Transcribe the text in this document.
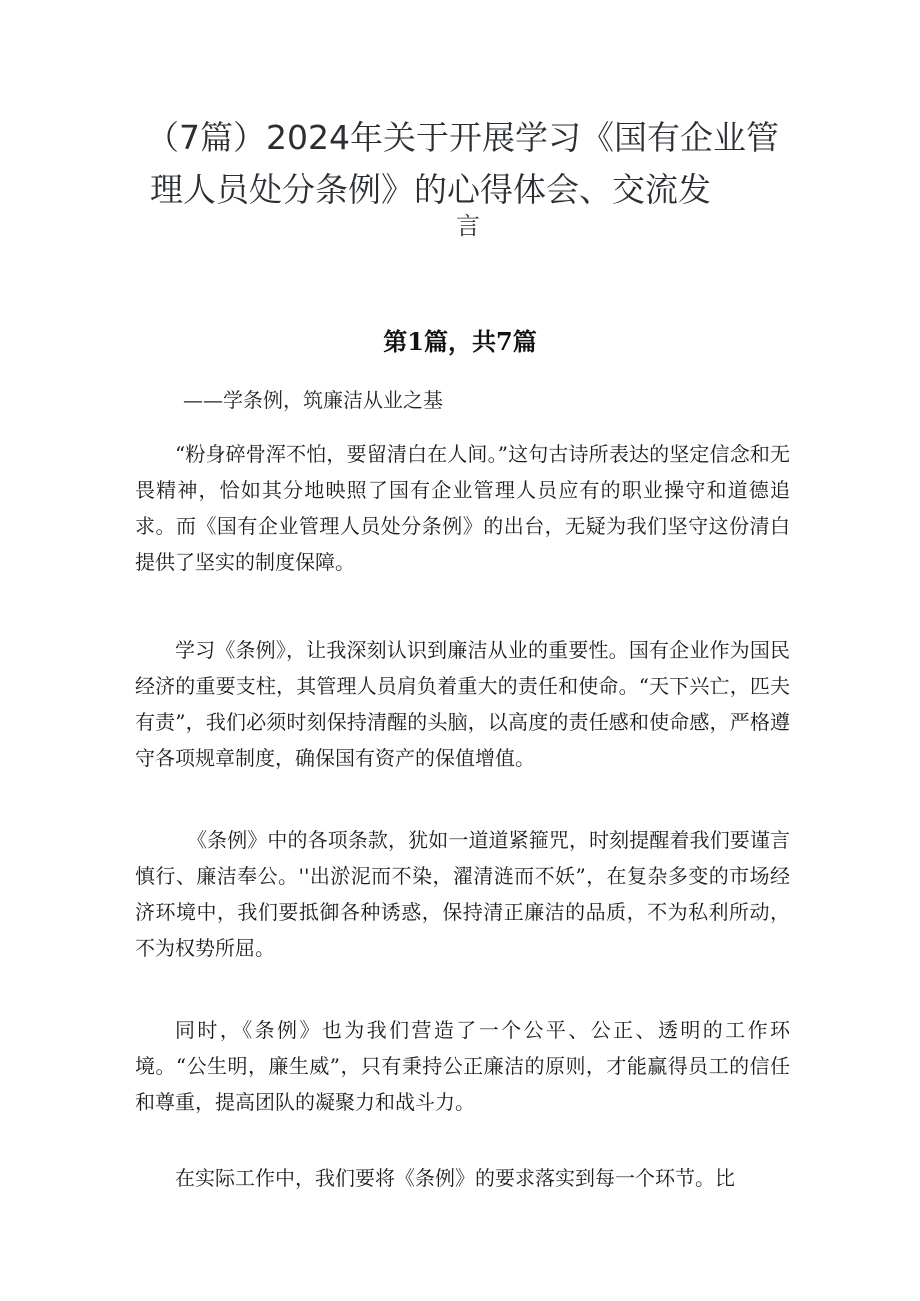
（7篇）2024年关于开展学习《国有企业管
理人员处分条例》的心得体会、交流发
言
第1篇，共7篇
——学条例，筑廉洁从业之基

“粉身碎骨浑不怕，要留清白在人间。”这句古诗所表达的坚定信念和无畏精神，恰如其分地映照了国有企业管理人员应有的职业操守和道德追求。而《国有企业管理人员处分条例》的出台，无疑为我们坚守这份清白提供了坚实的制度保障。

学习《条例》，让我深刻认识到廉洁从业的重要性。国有企业作为国民经济的重要支柱，其管理人员肩负着重大的责任和使命。“天下兴亡，匹夫有责”，我们必须时刻保持清醒的头脑，以高度的责任感和使命感，严格遵守各项规章制度，确保国有资产的保值增值。

《条例》中的各项条款，犹如一道道紧箍咒，时刻提醒着我们要谨言慎行、廉洁奉公。''出淤泥而不染，濯清涟而不妖”，在复杂多变的市场经济环境中，我们要抵御各种诱惑，保持清正廉洁的品质，不为私利所动，不为权势所屈。

同时，《条例》也为我们营造了一个公平、公正、透明的工作环境。“公生明，廉生威”，只有秉持公正廉洁的原则，才能赢得员工的信任和尊重，提高团队的凝聚力和战斗力。

在实际工作中，我们要将《条例》的要求落实到每一个环节。比
